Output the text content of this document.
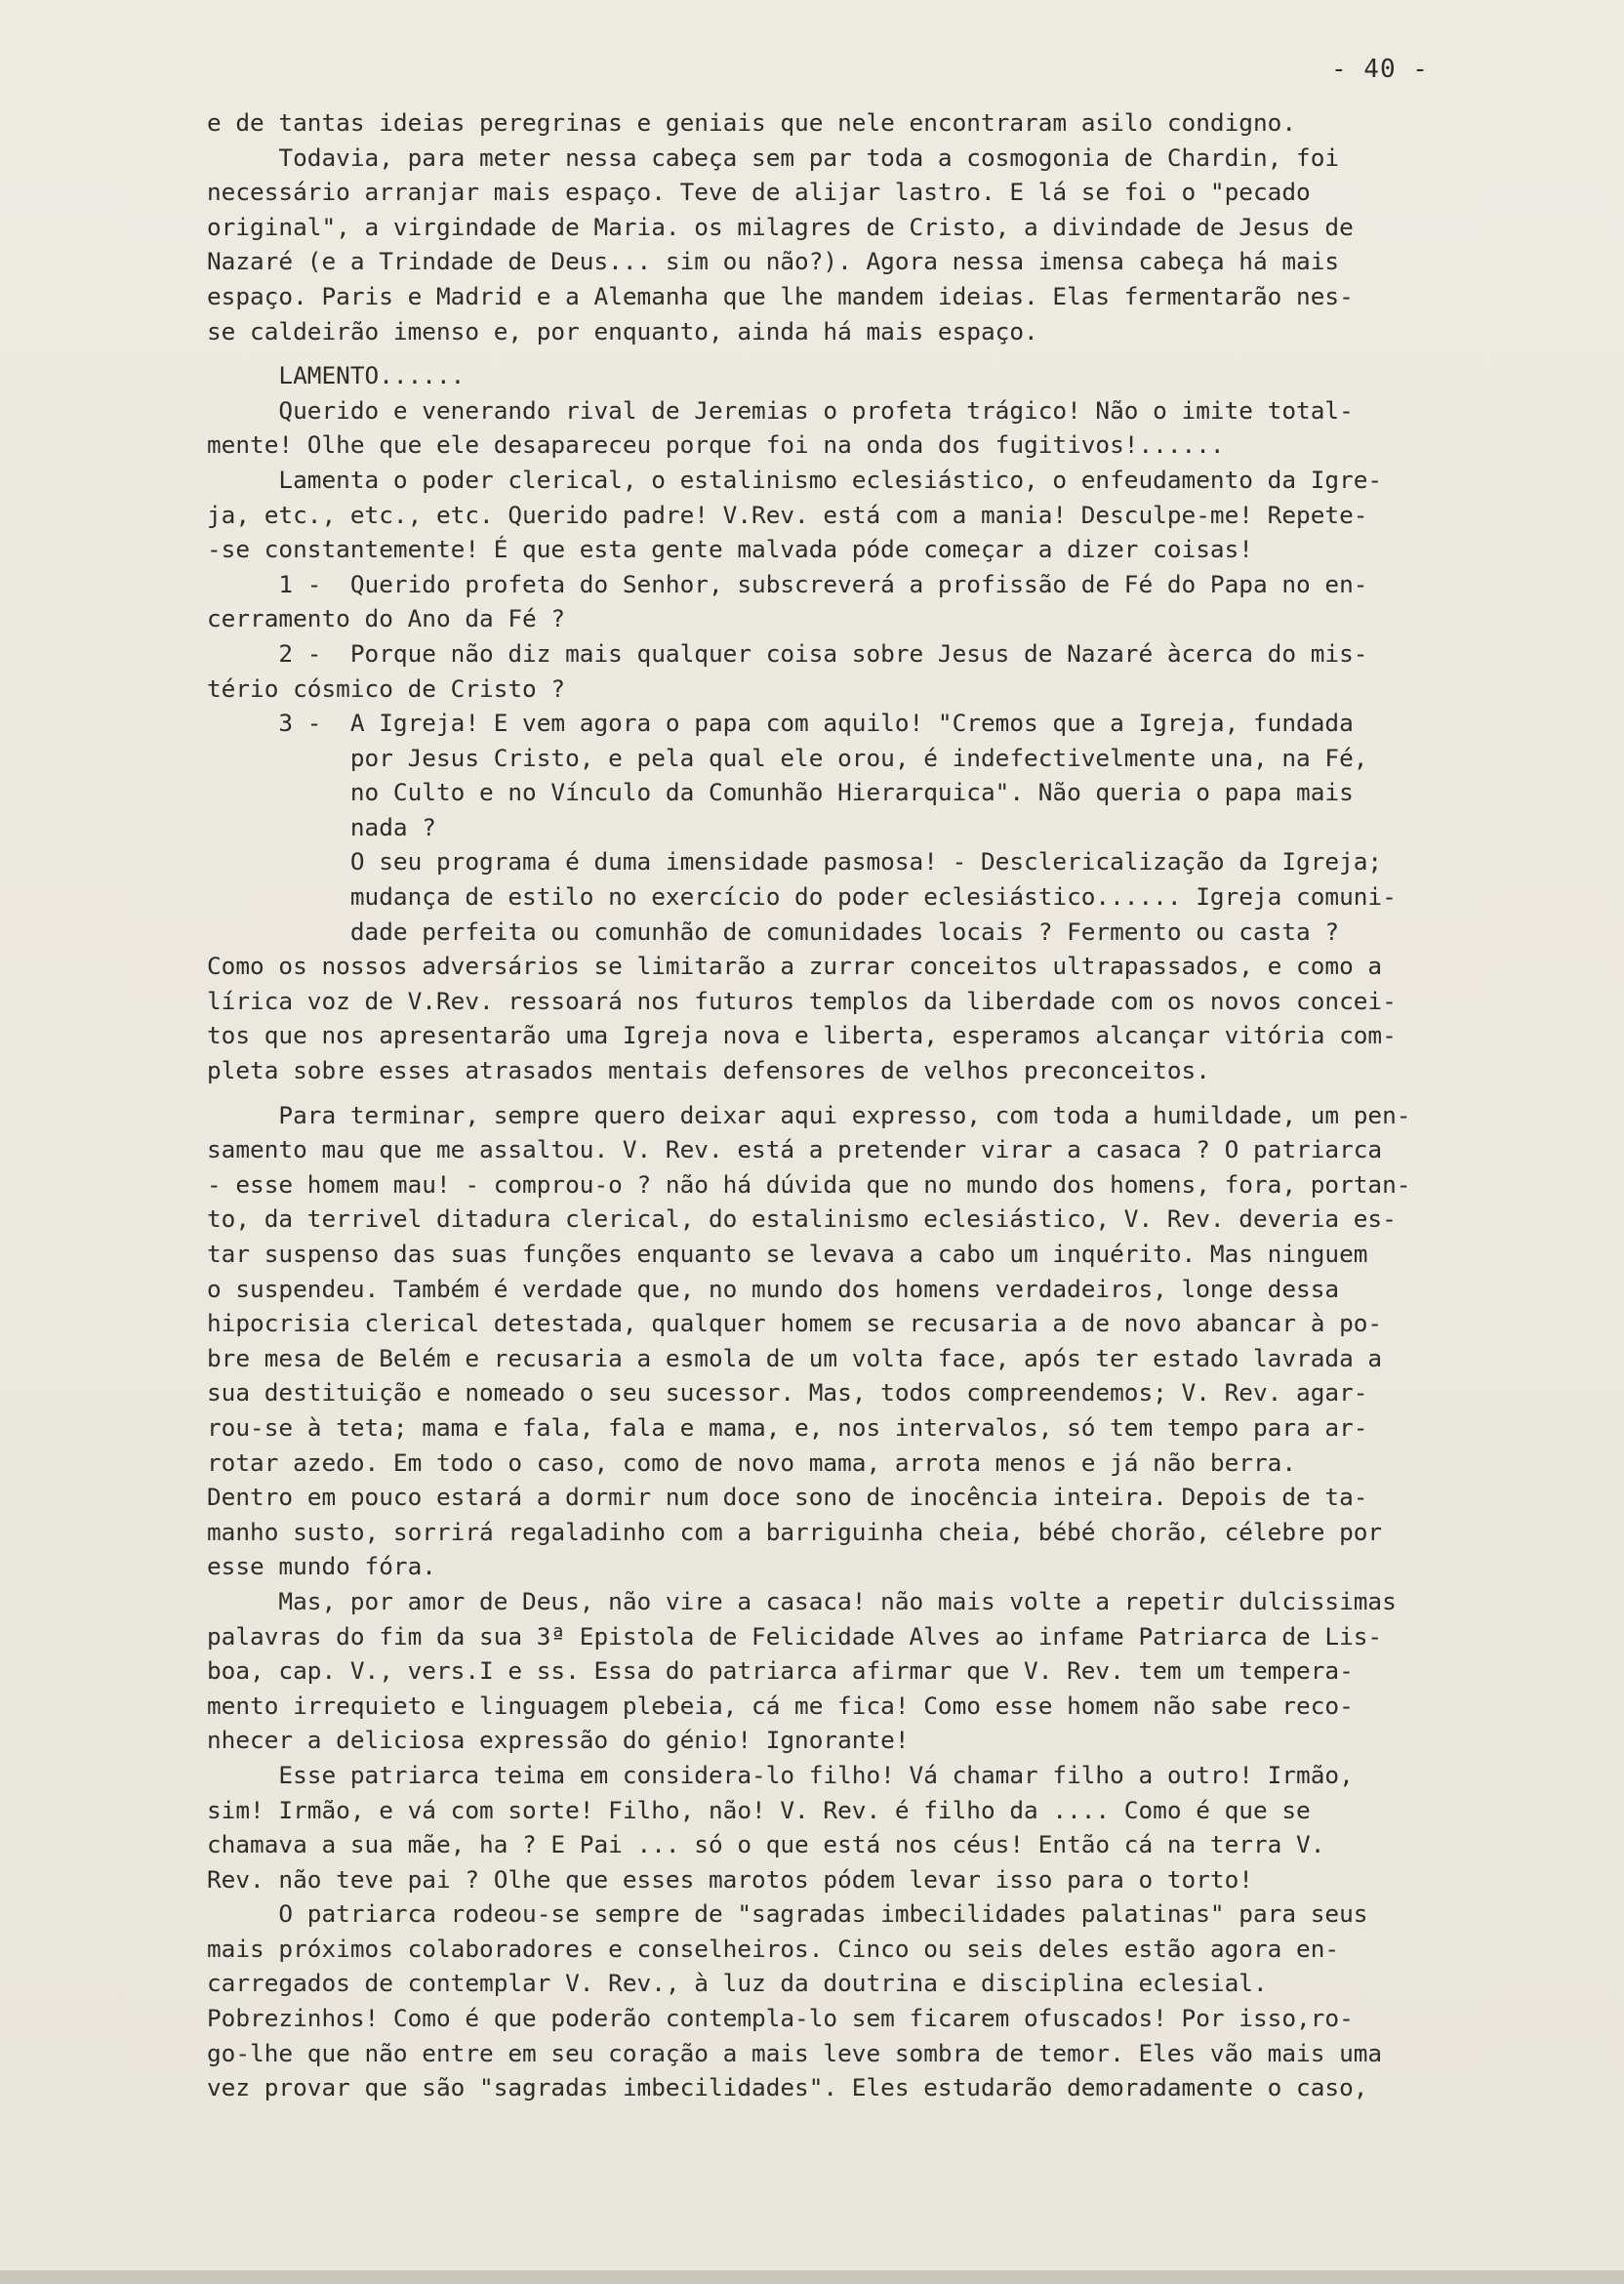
- 40 -
e de tantas ideias peregrinas e geniais que nele encontraram asilo condigno.
Todavia, para meter nessa cabeça sem par toda a cosmogonia de Chardin, foi
necessário arranjar mais espaço. Teve de alijar lastro. E lá se foi o "pecado
original", a virgindade de Maria. os milagres de Cristo, a divindade de Jesus de
Nazaré (e a Trindade de Deus... sim ou não?). Agora nessa imensa cabeça há mais
espaço. Paris e Madrid e a Alemanha que lhe mandem ideias. Elas fermentarão nes-
se caldeirão imenso e, por enquanto, ainda há mais espaço.
LAMENTO......
Querido e venerando rival de Jeremias o profeta trágico! Não o imite total-
mente! Olhe que ele desapareceu porque foi na onda dos fugitivos!......
Lamenta o poder clerical, o estalinismo eclesiástico, o enfeudamento da Igre-
ja, etc., etc., etc. Querido padre! V.Rev. está com a mania! Desculpe-me! Repete-
-se constantemente! É que esta gente malvada póde começar a dizer coisas!
1 -  Querido profeta do Senhor, subscreverá a profissão de Fé do Papa no en-
cerramento do Ano da Fé ?
2 -  Porque não diz mais qualquer coisa sobre Jesus de Nazaré àcerca do mis-
tério cósmico de Cristo ?
3 -  A Igreja! E vem agora o papa com aquilo! "Cremos que a Igreja, fundada
por Jesus Cristo, e pela qual ele orou, é indefectivelmente una, na Fé,
no Culto e no Vínculo da Comunhão Hierarquica". Não queria o papa mais
nada ?
O seu programa é duma imensidade pasmosa! - Desclericalização da Igreja;
mudança de estilo no exercício do poder eclesiástico...... Igreja comuni-
dade perfeita ou comunhão de comunidades locais ? Fermento ou casta ?
Como os nossos adversários se limitarão a zurrar conceitos ultrapassados, e como a
lírica voz de V.Rev. ressoará nos futuros templos da liberdade com os novos concei-
tos que nos apresentarão uma Igreja nova e liberta, esperamos alcançar vitória com-
pleta sobre esses atrasados mentais defensores de velhos preconceitos.
Para terminar, sempre quero deixar aqui expresso, com toda a humildade, um pen-
samento mau que me assaltou. V. Rev. está a pretender virar a casaca ? O patriarca
- esse homem mau! - comprou-o ? não há dúvida que no mundo dos homens, fora, portan-
to, da terrivel ditadura clerical, do estalinismo eclesiástico, V. Rev. deveria es-
tar suspenso das suas funções enquanto se levava a cabo um inquérito. Mas ninguem
o suspendeu. Também é verdade que, no mundo dos homens verdadeiros, longe dessa
hipocrisia clerical detestada, qualquer homem se recusaria a de novo abancar à po-
bre mesa de Belém e recusaria a esmola de um volta face, após ter estado lavrada a
sua destituição e nomeado o seu sucessor. Mas, todos compreendemos; V. Rev. agar-
rou-se à teta; mama e fala, fala e mama, e, nos intervalos, só tem tempo para ar-
rotar azedo. Em todo o caso, como de novo mama, arrota menos e já não berra.
Dentro em pouco estará a dormir num doce sono de inocência inteira. Depois de ta-
manho susto, sorrirá regaladinho com a barriguinha cheia, bébé chorão, célebre por
esse mundo fóra.
Mas, por amor de Deus, não vire a casaca! não mais volte a repetir dulcissimas
palavras do fim da sua 3ª Epistola de Felicidade Alves ao infame Patriarca de Lis-
boa, cap. V., vers.I e ss. Essa do patriarca afirmar que V. Rev. tem um tempera-
mento irrequieto e linguagem plebeia, cá me fica! Como esse homem não sabe reco-
nhecer a deliciosa expressão do génio! Ignorante!
Esse patriarca teima em considera-lo filho! Vá chamar filho a outro! Irmão,
sim! Irmão, e vá com sorte! Filho, não! V. Rev. é filho da .... Como é que se
chamava a sua mãe, ha ? E Pai ... só o que está nos céus! Então cá na terra V.
Rev. não teve pai ? Olhe que esses marotos pódem levar isso para o torto!
O patriarca rodeou-se sempre de "sagradas imbecilidades palatinas" para seus
mais próximos colaboradores e conselheiros. Cinco ou seis deles estão agora en-
carregados de contemplar V. Rev., à luz da doutrina e disciplina eclesial.
Pobrezinhos! Como é que poderão contempla-lo sem ficarem ofuscados! Por isso,ro-
go-lhe que não entre em seu coração a mais leve sombra de temor. Eles vão mais uma
vez provar que são "sagradas imbecilidades". Eles estudarão demoradamente o caso,
